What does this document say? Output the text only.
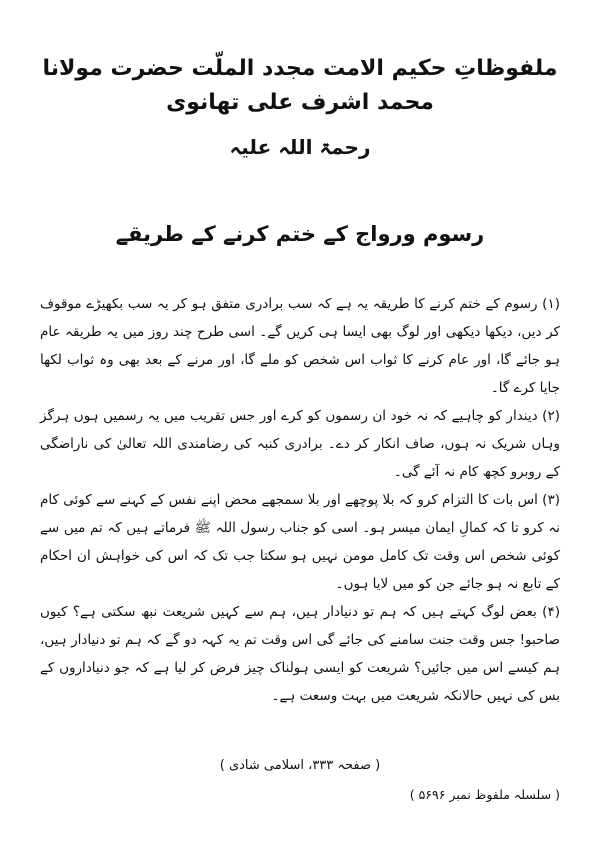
ملفوظاتِ حکیم الامت مجدد الملّت حضرت مولانا محمد اشرف علی تھانوی
رحمۃ اللہ علیہ
رسوم ورواج کے ختم کرنے کے طریقے

(۱) رسوم کے ختم کرنے کا طریقہ یہ ہے کہ سب برادری متفق ہو کر یہ سب بکھیڑے موقوف کر دیں، دیکھا دیکھی اور لوگ بھی ایسا ہی کریں گے۔ اسی طرح چند روز میں یہ طریقہ عام ہو جائے گا، اور عام کرنے کا ثواب اس شخص کو ملے گا، اور مرنے کے بعد بھی وہ ثواب لکھا جایا کرے گا۔

(۲) دیندار کو چاہیے کہ نہ خود ان رسموں کو کرے اور جس تقریب میں یہ رسمیں ہوں ہرگز وہاں شریک نہ ہوں، صاف انکار کر دے۔ برادری کنبہ کی رضامندی اللہ تعالیٰ کی ناراضگی کے روبرو کچھ کام نہ آئے گی۔

(۳) اس بات کا التزام کرو کہ بلا پوچھے اور بلا سمجھے محض اپنے نفس کے کہنے سے کوئی کام نہ کرو تا کہ کمالِ ایمان میسر ہو۔ اسی کو جناب رسول اللہ ﷺ فرماتے ہیں کہ تم میں سے کوئی شخص اس وقت تک کامل مومن نہیں ہو سکتا جب تک کہ اس کی خواہش ان احکام کے تابع نہ ہو جائے جن کو میں لایا ہوں۔

(۴) بعض لوگ کہتے ہیں کہ ہم تو دنیادار ہیں، ہم سے کہیں شریعت نبھ سکتی ہے؟ کیوں صاحبو! جس وقت جنت سامنے کی جائے گی اس وقت تم یہ کہہ دو گے کہ ہم تو دنیادار ہیں، ہم کیسے اس میں جائیں؟ شریعت کو ایسی ہولناک چیز فرض کر لیا ہے کہ جو دنیاداروں کے بس کی نہیں حالانکہ شریعت میں بہت وسعت ہے۔

( صفحہ ۳۳۳، اسلامی شادی )
( سلسلہ ملفوظ نمبر ۵۶۹۶ )
